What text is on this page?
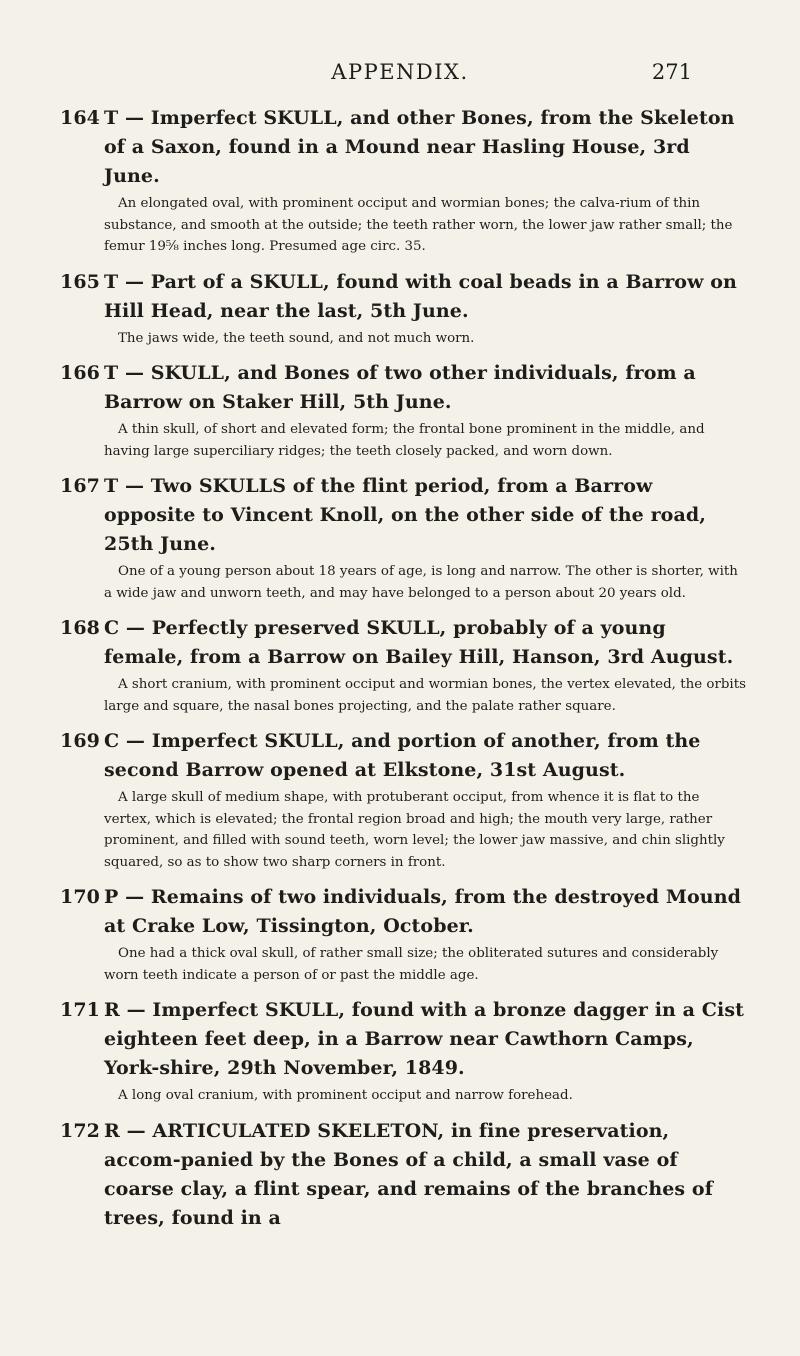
APPENDIX.	271
164 T — Imperfect SKULL, and other Bones, from the Skeleton of a Saxon, found in a Mound near Hasling House, 3rd June.
An elongated oval, with prominent occiput and wormian bones; the calva-rium of thin substance, and smooth at the outside; the teeth rather worn, the lower jaw rather small; the femur 19⅝ inches long. Presumed age circ. 35.
165 T — Part of a SKULL, found with coal beads in a Barrow on Hill Head, near the last, 5th June.
The jaws wide, the teeth sound, and not much worn.
166 T — SKULL, and Bones of two other individuals, from a Barrow on Staker Hill, 5th June.
A thin skull, of short and elevated form; the frontal bone prominent in the middle, and having large superciliary ridges; the teeth closely packed, and worn down.
167 T — Two SKULLS of the flint period, from a Barrow opposite to Vincent Knoll, on the other side of the road, 25th June.
One of a young person about 18 years of age, is long and narrow. The other is shorter, with a wide jaw and unworn teeth, and may have belonged to a person about 20 years old.
168 C — Perfectly preserved SKULL, probably of a young female, from a Barrow on Bailey Hill, Hanson, 3rd August.
A short cranium, with prominent occiput and wormian bones, the vertex elevated, the orbits large and square, the nasal bones projecting, and the palate rather square.
169 C — Imperfect SKULL, and portion of another, from the second Barrow opened at Elkstone, 31st August.
A large skull of medium shape, with protuberant occiput, from whence it is flat to the vertex, which is elevated; the frontal region broad and high; the mouth very large, rather prominent, and filled with sound teeth, worn level; the lower jaw massive, and chin slightly squared, so as to show two sharp corners in front.
170 P — Remains of two individuals, from the destroyed Mound at Crake Low, Tissington, October.
One had a thick oval skull, of rather small size; the obliterated sutures and considerably worn teeth indicate a person of or past the middle age.
171 R — Imperfect SKULL, found with a bronze dagger in a Cist eighteen feet deep, in a Barrow near Cawthorn Camps, York-shire, 29th November, 1849.
A long oval cranium, with prominent occiput and narrow forehead.
172 R — ARTICULATED SKELETON, in fine preservation, accom-panied by the Bones of a child, a small vase of coarse clay, a flint spear, and remains of the branches of trees, found in a
